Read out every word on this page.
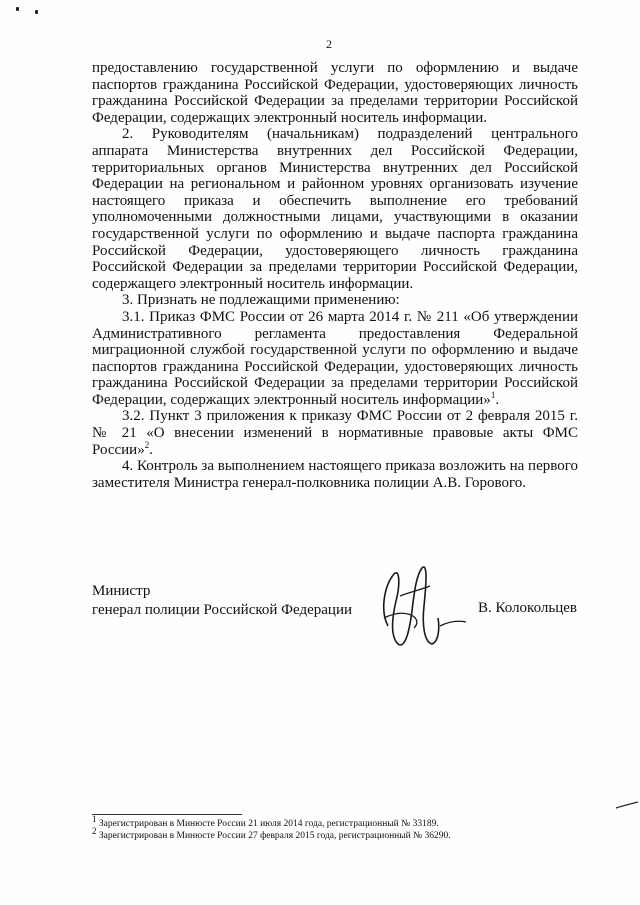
2

предоставлению государственной услуги по оформлению и выдаче паспортов гражданина Российской Федерации, удостоверяющих личность гражданина Российской Федерации за пределами территории Российской Федерации, содержащих электронный носитель информации.

2. Руководителям (начальникам) подразделений центрального аппарата Министерства внутренних дел Российской Федерации, территориальных органов Министерства внутренних дел Российской Федерации на региональном и районном уровнях организовать изучение настоящего приказа и обеспечить выполнение его требований уполномоченными должностными лицами, участвующими в оказании государственной услуги по оформлению и выдаче паспорта гражданина Российской Федерации, удостоверяющего личность гражданина Российской Федерации за пределами территории Российской Федерации, содержащего электронный носитель информации.

3. Признать не подлежащими применению:

3.1. Приказ ФМС России от 26 марта 2014 г. № 211 «Об утверждении Административного регламента предоставления Федеральной миграционной службой государственной услуги по оформлению и выдаче паспортов гражданина Российской Федерации, удостоверяющих личность гражданина Российской Федерации за пределами территории Российской Федерации, содержащих электронный носитель информации»$^1$.

3.2. Пункт 3 приложения к приказу ФМС России от 2 февраля 2015 г. № 21 «О внесении изменений в нормативные правовые акты ФМС России»$^2$.

4. Контроль за выполнением настоящего приказа возложить на первого заместителя Министра генерал-полковника полиции А.В. Горового.

Министр
генерал полиции Российской Федерации	В. Колокольцев
$^1$ Зарегистрирован в Минюсте России 21 июля 2014 года, регистрационный № 33189.
$^2$ Зарегистрирован в Минюсте России 27 февраля 2015 года, регистрационный № 36290.
